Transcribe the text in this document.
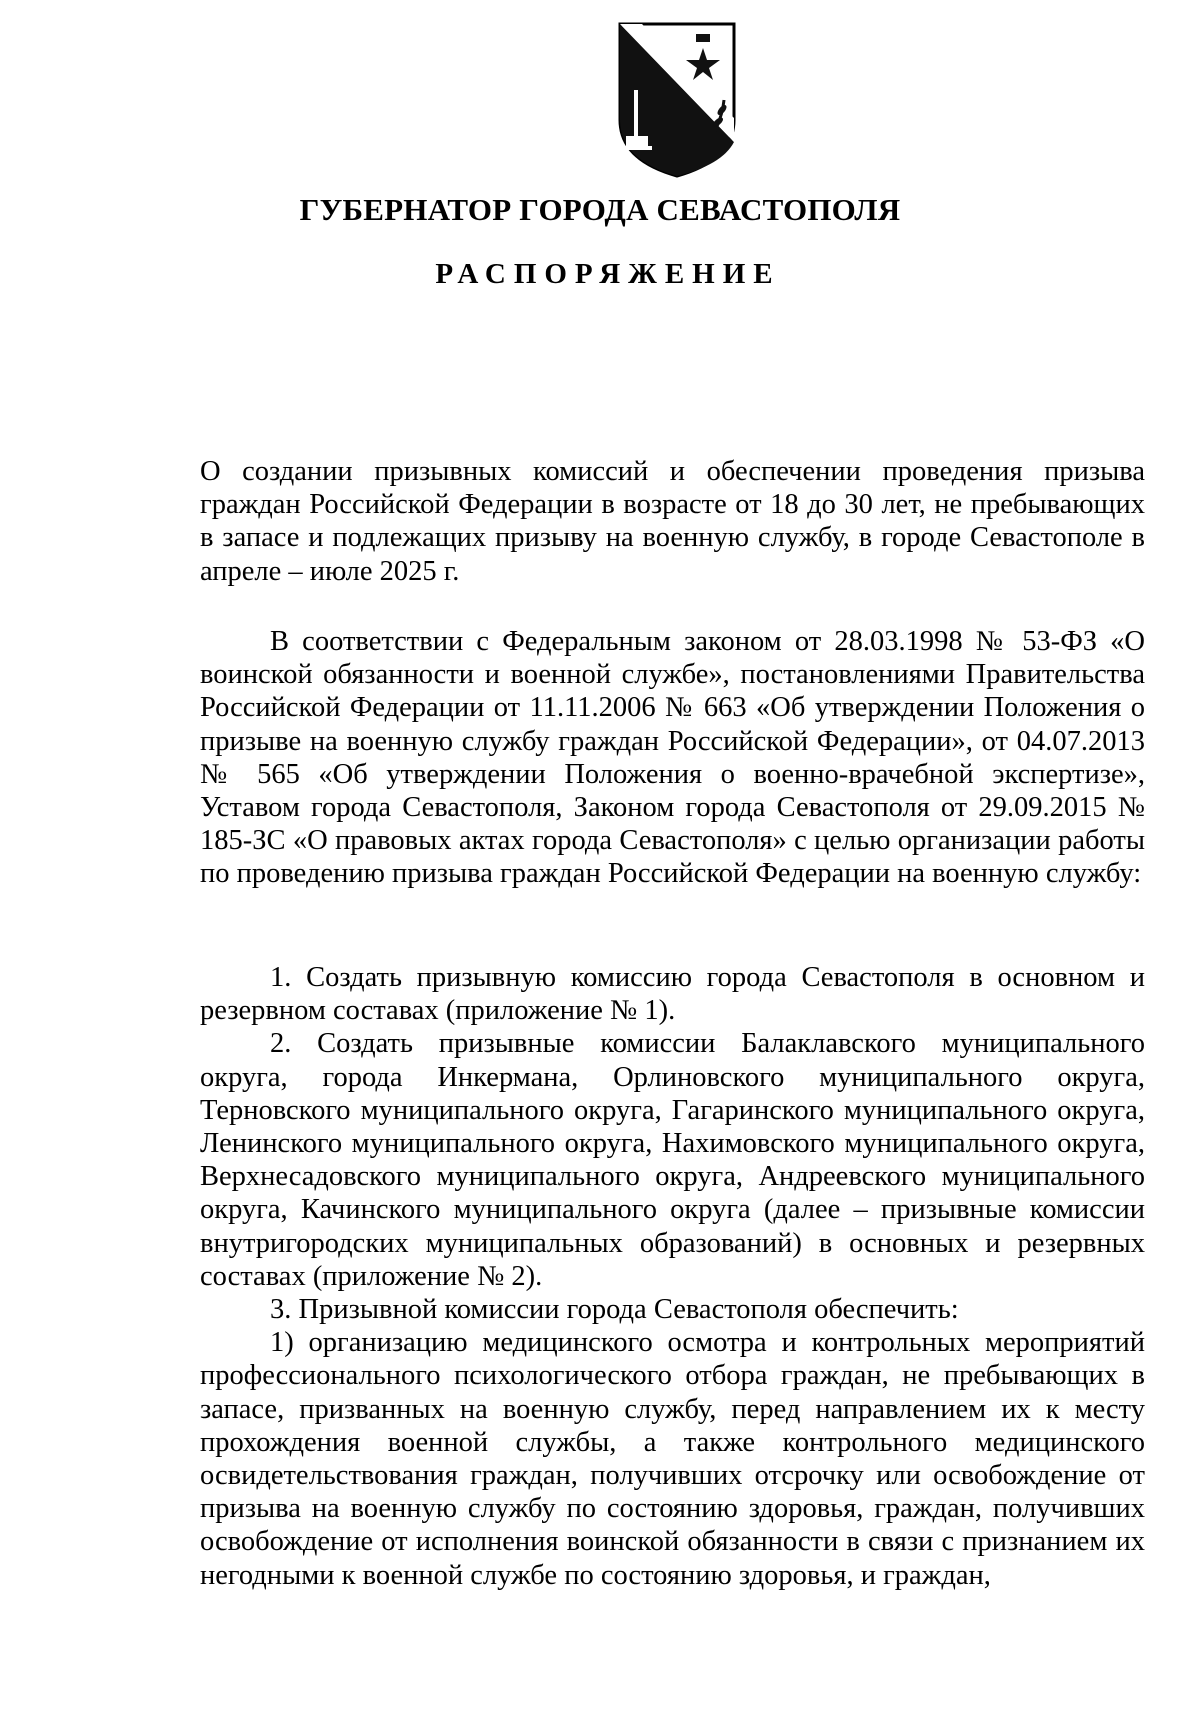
ГУБЕРНАТОР ГОРОДА СЕВАСТОПОЛЯ
РАСПОРЯЖЕНИЕ

О создании призывных комиссий и обеспечении проведения призыва граждан Российской Федерации в возрасте от 18 до 30 лет, не пребывающих в запасе и подлежащих призыву на военную службу, в городе Севастополе в апреле – июле 2025 г.

В соответствии с Федеральным законом от 28.03.1998 № 53-ФЗ «О воинской обязанности и военной службе», постановлениями Правительства Российской Федерации от 11.11.2006 № 663 «Об утверждении Положения о призыве на военную службу граждан Российской Федерации», от 04.07.2013 № 565 «Об утверждении Положения о военно-врачебной экспертизе», Уставом города Севастополя, Законом города Севастополя от 29.09.2015 № 185-ЗС «О правовых актах города Севастополя» с целью организации работы по проведению призыва граждан Российской Федерации на военную службу:

1. Создать призывную комиссию города Севастополя в основном и резервном составах (приложение № 1).

2. Создать призывные комиссии Балаклавского муниципального округа, города Инкермана, Орлиновского муниципального округа, Терновского муниципального округа, Гагаринского муниципального округа, Ленинского муниципального округа, Нахимовского муниципального округа, Верхнесадовского муниципального округа, Андреевского муниципального округа, Качинского муниципального округа (далее – призывные комиссии внутригородских муниципальных образований) в основных и резервных составах (приложение № 2).

3. Призывной комиссии города Севастополя обеспечить:

1) организацию медицинского осмотра и контрольных мероприятий профессионального психологического отбора граждан, не пребывающих в запасе, призванных на военную службу, перед направлением их к месту прохождения военной службы, а также контрольного медицинского освидетельствования граждан, получивших отсрочку или освобождение от призыва на военную службу по состоянию здоровья, граждан, получивших освобождение от исполнения воинской обязанности в связи с признанием их негодными к военной службе по состоянию здоровья, и граждан,
